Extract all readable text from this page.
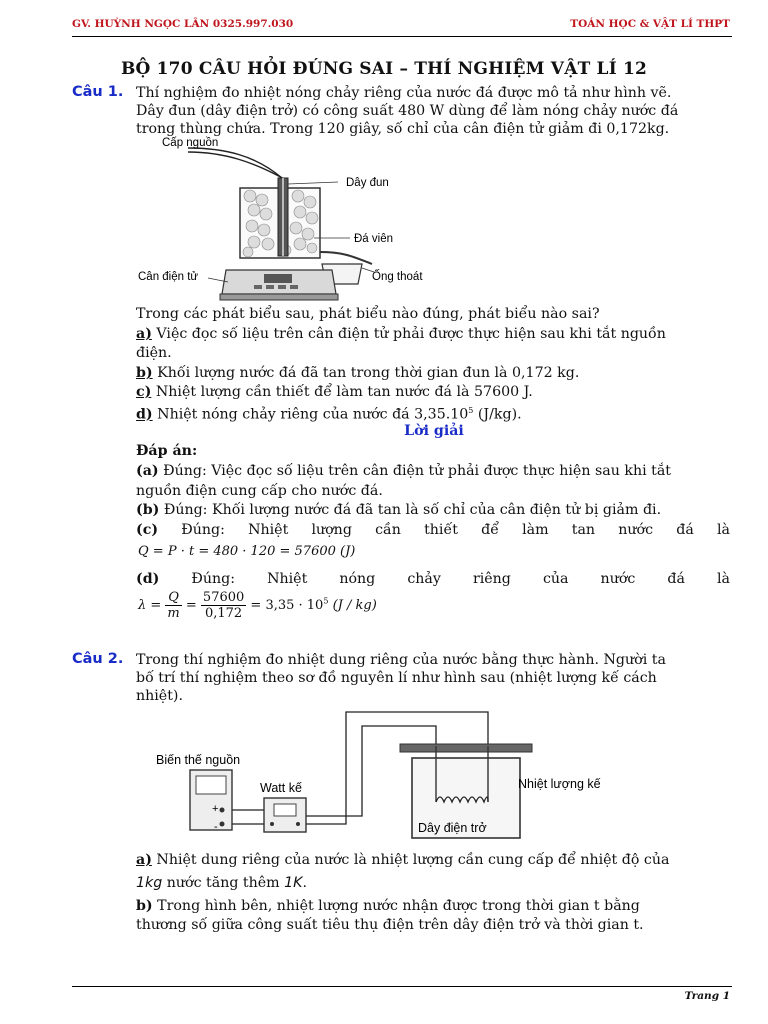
GV. HUỲNH NGỌC LÂN 0325.997.030	TOÁN HỌC & VẬT LÍ THPT
BỘ 170 CÂU HỎI ĐÚNG SAI – THÍ NGHIỆM VẬT LÍ 12
Câu 1. Thí nghiệm đo nhiệt nóng chảy riêng của nước đá được mô tả như hình vẽ.

Dây đun (dây điện trở) có công suất 480 W dùng để làm nóng chảy nước đá

trong thùng chứa. Trong 120 giây, số chỉ của cân điện tử giảm đi 0,172kg.

Cấp nguồn
Dây đun
Đá viên
Cân điện tử	Ống thoát

Trong các phát biểu sau, phát biểu nào đúng, phát biểu nào sai?

a) Việc đọc số liệu trên cân điện tử phải được thực hiện sau khi tắt nguồn

điện.

b) Khối lượng nước đá đã tan trong thời gian đun là 0,172 kg.

c) Nhiệt lượng cần thiết để làm tan nước đá là 57600 J.

d) Nhiệt nóng chảy riêng của nước đá 3,35.10$^5$ (J/kg).

Lời giải

Đáp án:

(a) Đúng: Việc đọc số liệu trên cân điện tử phải được thực hiện sau khi tắt

nguồn điện cung cấp cho nước đá.

(b) Đúng: Khối lượng nước đá đã tan là số chỉ của cân điện tử bị giảm đi.

(c) Đúng: Nhiệt lượng cần thiết để làm tan nước đá là

Q = P · t = 480 · 120 = 57600 (J)

(d) Đúng: Nhiệt nóng chảy riêng của nước đá là

$\lambda = \frac{Q}{m} = \frac{57600}{0,172} = 3,35 \cdot 10^5$ (J / kg)
Câu 2. Trong thí nghiệm đo nhiệt dung riêng của nước bằng thực hành. Người ta

bố trí thí nghiệm theo sơ đồ nguyên lí như hình sau (nhiệt lượng kế cách

nhiệt).

+
-
Biến thế nguồn
Watt kế	Nhiệt lượng kế
Dây điện trở

a) Nhiệt dung riêng của nước là nhiệt lượng cần cung cấp để nhiệt độ của

1kg nước tăng thêm 1K.

b) Trong hình bên, nhiệt lượng nước nhận được trong thời gian t bằng

thương số giữa công suất tiêu thụ điện trên dây điện trở và thời gian t.

Trang 1
